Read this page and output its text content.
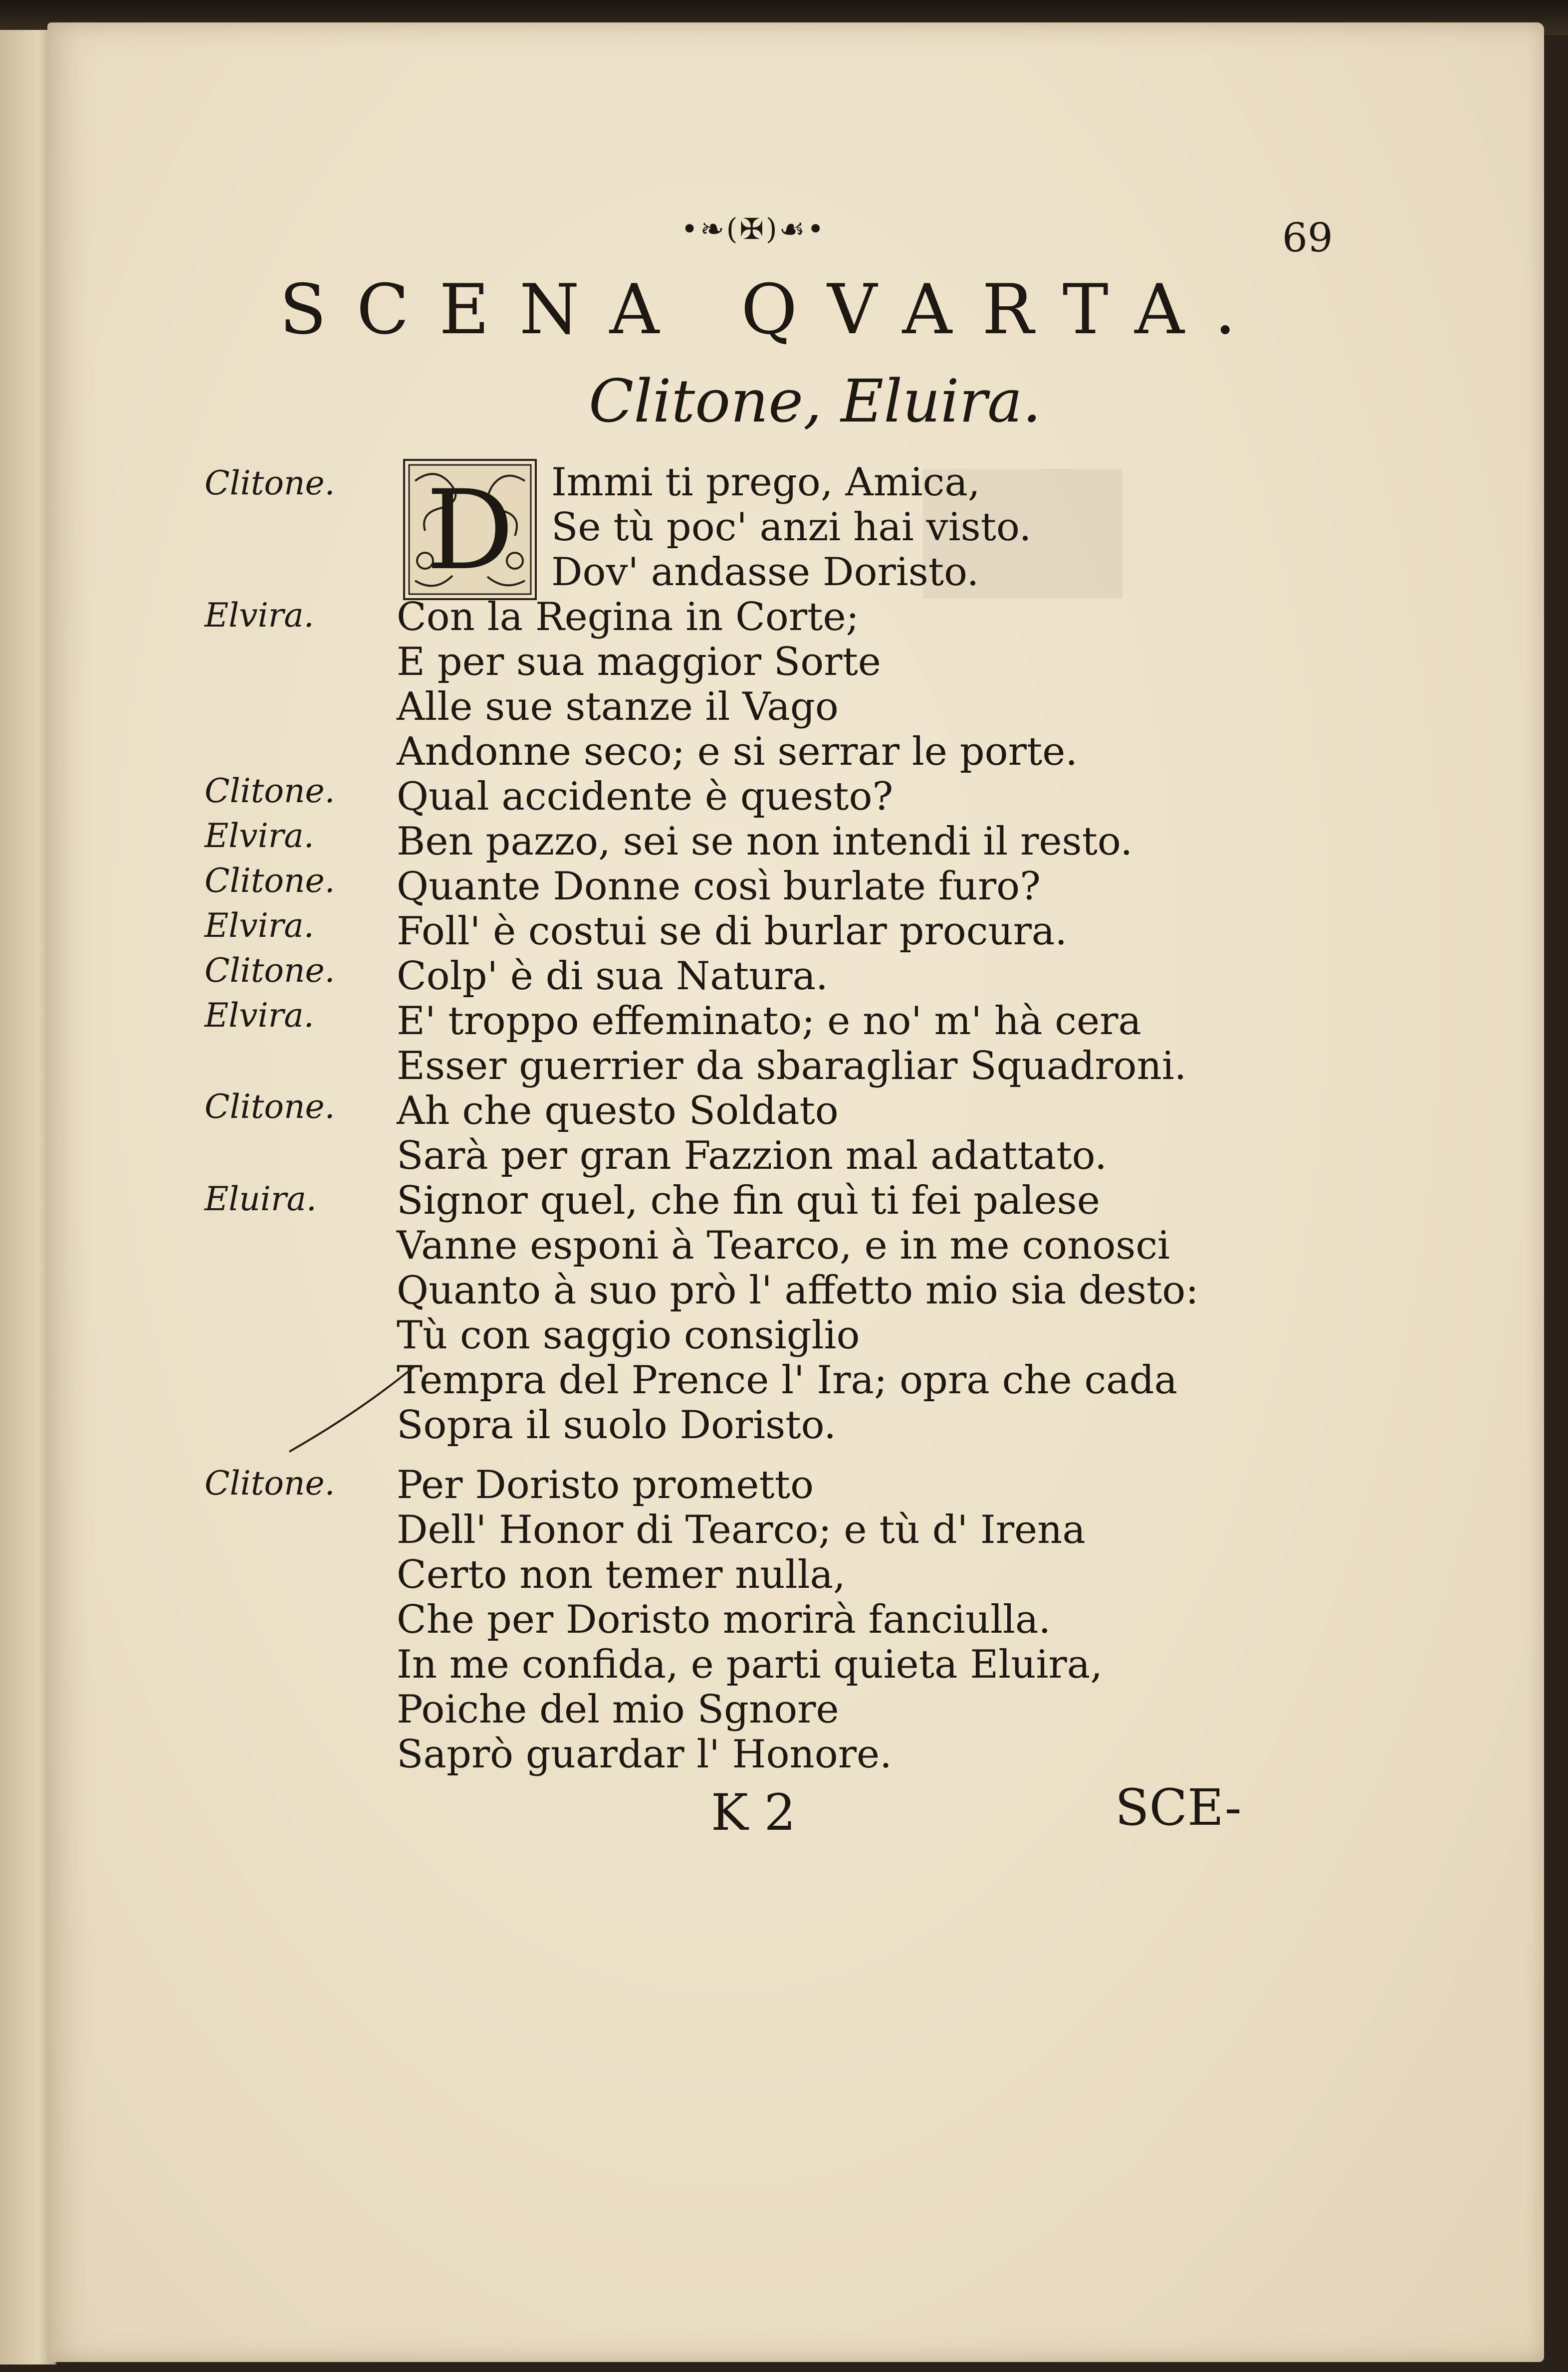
•❧(✠)☙•	69
SCENA QVARTA.
Clitone, Eluira.
D
Clitone.	Immi ti prego, Amica,
Se tù poc' anzi hai visto.
Dov' andasse Doristo.
Elvira. Con la Regina in Corte;
E per sua maggior Sorte
Alle sue stanze il Vago
Andonne seco; e si serrar le porte.
Clitone. Qual accidente è questo?
Elvira. Ben pazzo, sei se non intendi il resto.
Clitone. Quante Donne così burlate furo?
Elvira. Foll' è costui se di burlar procura.
Clitone. Colp' è di sua Natura.
Elvira. E' troppo effeminato; e no' m' hà cera
Esser guerrier da sbaragliar Squadroni.
Clitone. Ah che questo Soldato
Sarà per gran Fazzion mal adattato.
Eluira. Signor quel, che fin quì ti fei palese
Vanne esponi à Tearco, e in me conosci
Quanto à suo prò l' affetto mio sia desto:
Tù con saggio consiglio
Tempra del Prence l' Ira; opra che cada
Sopra il suolo Doristo.
Clitone. Per Doristo prometto
Dell' Honor di Tearco; e tù d' Irena
Certo non temer nulla,
Che per Doristo morirà fanciulla.
In me confida, e parti quieta Eluira,
Poiche del mio Sgnore
Saprò guardar l' Honore.
K 2	SCE-
